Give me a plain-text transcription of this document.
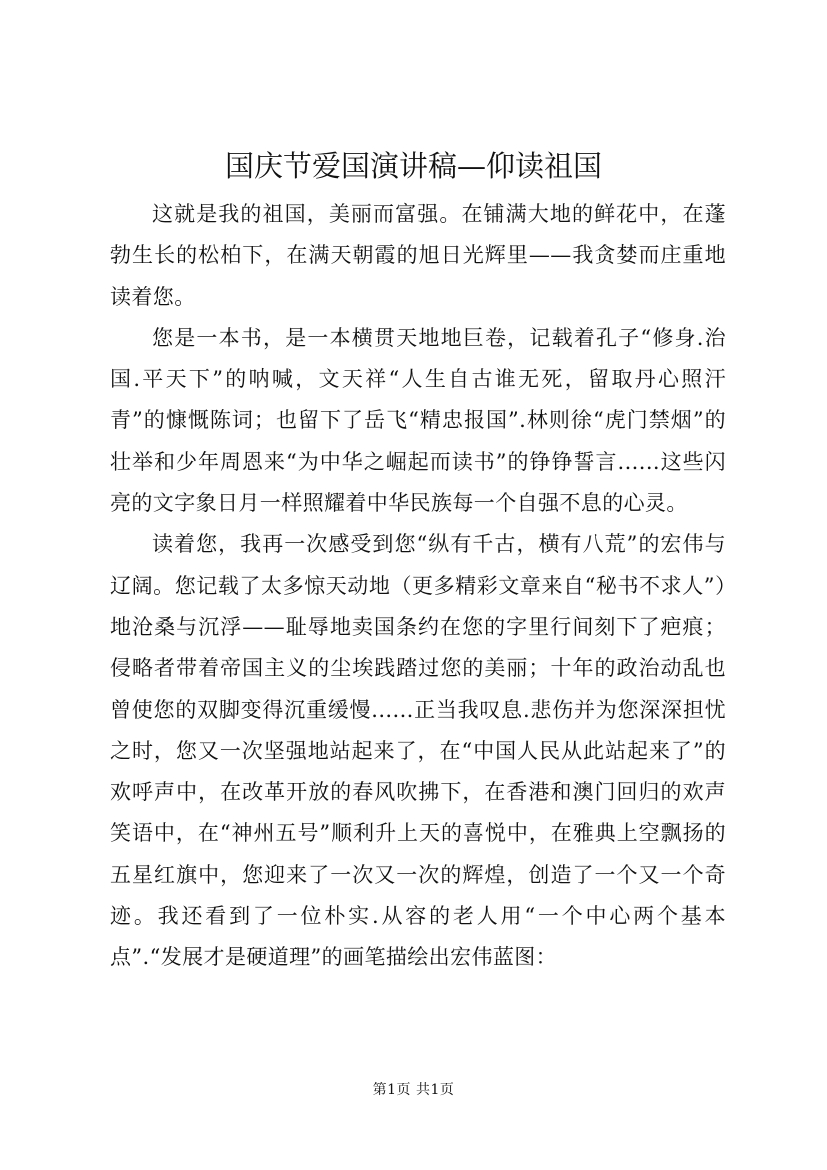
国庆节爱国演讲稿—仰读祖国

这就是我的祖国，美丽而富强。在铺满大地的鲜花中，在蓬勃生长的松柏下，在满天朝霞的旭日光辉里——我贪婪而庄重地读着您。

您是一本书，是一本横贯天地地巨卷，记载着孔子“修身.治国.平天下”的呐喊，文天祥“人生自古谁无死，留取丹心照汗青”的慷慨陈词；也留下了岳飞“精忠报国”.林则徐“虎门禁烟”的壮举和少年周恩来“为中华之崛起而读书”的铮铮誓言......这些闪亮的文字象日月一样照耀着中华民族每一个自强不息的心灵。

读着您，我再一次感受到您“纵有千古，横有八荒”的宏伟与辽阔。您记载了太多惊天动地（更多精彩文章来自“秘书不求人”）地沧桑与沉浮——耻辱地卖国条约在您的字里行间刻下了疤痕；侵略者带着帝国主义的尘埃践踏过您的美丽；十年的政治动乱也曾使您的双脚变得沉重缓慢......正当我叹息.悲伤并为您深深担忧之时，您又一次坚强地站起来了，在“中国人民从此站起来了”的欢呼声中，在改革开放的春风吹拂下，在香港和澳门回归的欢声笑语中，在“神州五号”顺利升上天的喜悦中，在雅典上空飘扬的五星红旗中，您迎来了一次又一次的辉煌，创造了一个又一个奇迹。我还看到了一位朴实.从容的老人用“一个中心两个基本点”.“发展才是硬道理”的画笔描绘出宏伟蓝图：

第1页 共1页
